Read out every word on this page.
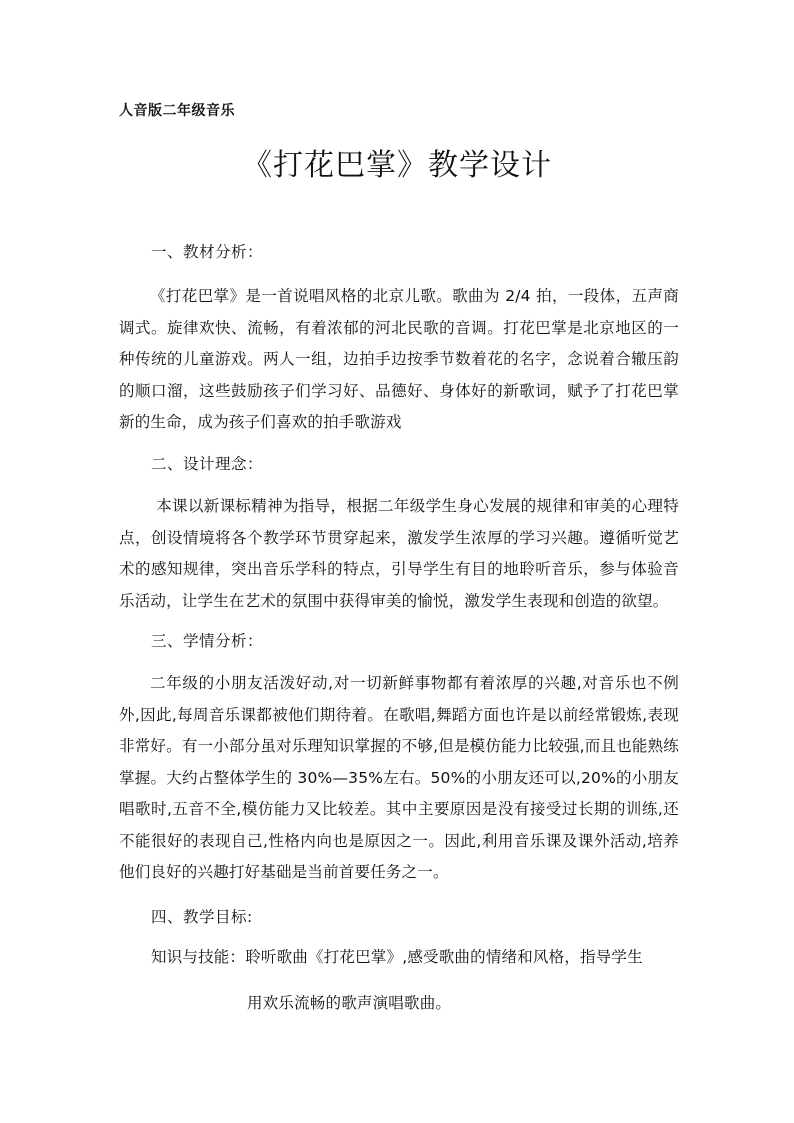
人音版二年级音乐
《打花巴掌》教学设计
一、教材分析：
《打花巴掌》是一首说唱风格的北京儿歌。歌曲为 2/4 拍，一段体，五声商调式。旋律欢快、流畅，有着浓郁的河北民歌的音调。打花巴掌是北京地区的一种传统的儿童游戏。两人一组，边拍手边按季节数着花的名字，念说着合辙压韵的顺口溜，这些鼓励孩子们学习好、品德好、身体好的新歌词，赋予了打花巴掌新的生命，成为孩子们喜欢的拍手歌游戏
二、设计理念：
本课以新课标精神为指导，根据二年级学生身心发展的规律和审美的心理特点，创设情境将各个教学环节贯穿起来，激发学生浓厚的学习兴趣。遵循听觉艺术的感知规律，突出音乐学科的特点，引导学生有目的地聆听音乐，参与体验音乐活动，让学生在艺术的氛围中获得审美的愉悦，激发学生表现和创造的欲望。
三、学情分析：
二年级的小朋友活泼好动,对一切新鲜事物都有着浓厚的兴趣,对音乐也不例外,因此,每周音乐课都被他们期待着。在歌唱,舞蹈方面也许是以前经常锻炼,表现非常好。有一小部分虽对乐理知识掌握的不够,但是模仿能力比较强,而且也能熟练掌握。大约占整体学生的 30%—35%左右。50%的小朋友还可以,20%的小朋友唱歌时,五音不全,模仿能力又比较差。其中主要原因是没有接受过长期的训练,还不能很好的表现自己,性格内向也是原因之一。因此,利用音乐课及课外活动,培养他们良好的兴趣打好基础是当前首要任务之一。
四、教学目标:
知识与技能：聆听歌曲《打花巴掌》,感受歌曲的情绪和风格，指导学生
用欢乐流畅的歌声演唱歌曲。
